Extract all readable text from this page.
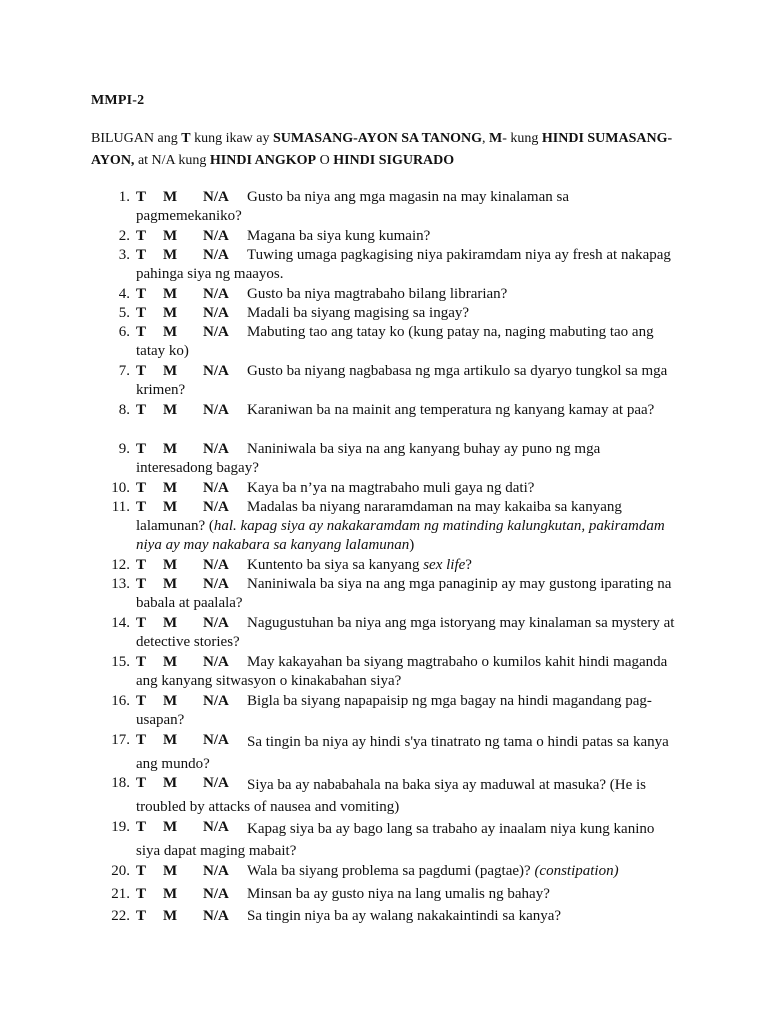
MMPI-2
BILUGAN ang T kung ikaw ay SUMASANG-AYON SA TANONG, M- kung HINDI SUMASANG-AYON, at N/A kung HINDI ANGKOP O HINDI SIGURADO
1. T M N/A	Gusto ba niya ang mga magasin na may kinalaman sa pagmemekaniko?
2. T M N/A	Magana ba siya kung kumain?
3. T M N/A	Tuwing umaga pagkagising niya pakiramdam niya ay fresh at nakapag pahinga siya ng maayos.
4. T M N/A	Gusto ba niya magtrabaho bilang librarian?
5. T M N/A	Madali ba siyang magising sa ingay?
6. T M N/A	Mabuting tao ang tatay ko (kung patay na, naging mabuting tao ang tatay ko)
7. T M N/A	Gusto ba niyang nagbabasa ng mga artikulo sa dyaryo tungkol sa mga krimen?
8. T M N/A	Karaniwan ba na mainit ang temperatura ng kanyang kamay at paa?
9. T M N/A	Naniniwala ba siya na ang kanyang buhay ay puno ng mga interesadong bagay?
10. T M N/A	Kaya ba n’ya na magtrabaho muli gaya ng dati?
11. T M N/A	Madalas ba niyang nararamdaman na may kakaiba sa kanyang lalamunan? (hal. kapag siya ay nakakaramdam ng matinding kalungkutan, pakiramdam niya ay may nakabara sa kanyang lalamunan)
12. T M N/A	Kuntento ba siya sa kanyang sex life?
13. T M N/A	Naniniwala ba siya na ang mga panaginip ay may gustong iparating na babala at paalala?
14. T M N/A	Nagugustuhan ba niya ang mga istoryang may kinalaman sa mystery at detective stories?
15. T M N/A	May kakayahan ba siyang magtrabaho o kumilos kahit hindi maganda ang kanyang sitwasyon o kinakabahan siya?
16. T M N/A	Bigla ba siyang napapaisip ng mga bagay na hindi magandang pag-usapan?
17. T M N/A	Sa tingin ba niya ay hindi s'ya tinatrato ng tama o hindi patas sa kanya ang mundo?
18. T M N/A	Siya ba ay nababahala na baka siya ay maduwal at masuka? (He is troubled by attacks of nausea and vomiting)
19. T M N/A	Kapag siya ba ay bago lang sa trabaho ay inaalam niya kung kanino siya dapat maging mabait?
20. T M N/A	Wala ba siyang problema sa pagdumi (pagtae)? (constipation)
21. T M N/A	Minsan ba ay gusto niya na lang umalis ng bahay?
22. T M N/A	Sa tingin niya ba ay walang nakakaintindi sa kanya?
